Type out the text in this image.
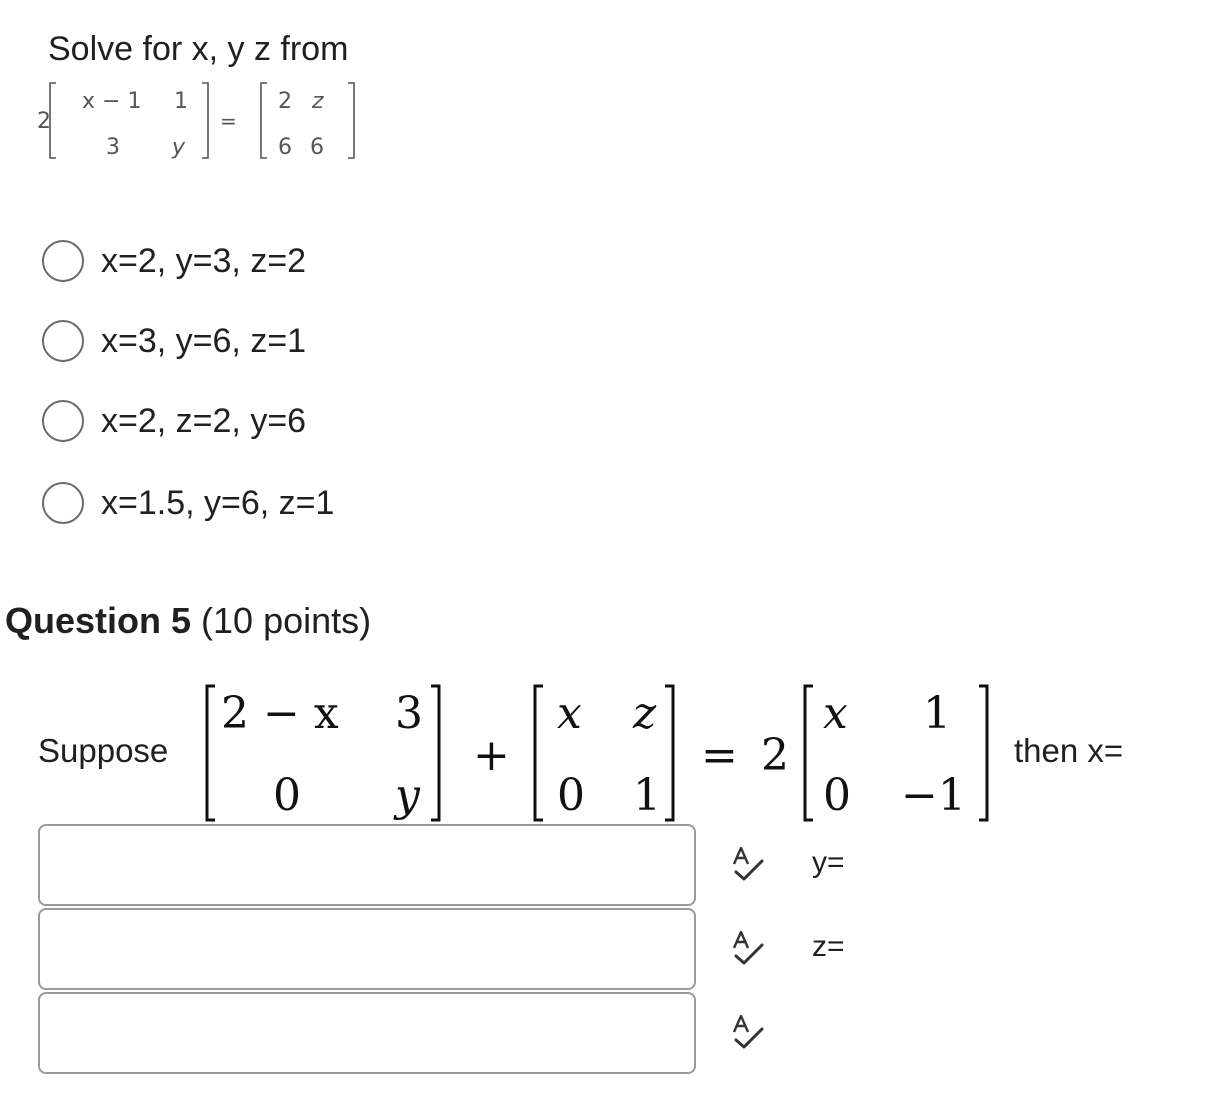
Solve for x, y z from
2
x − 1 1
3 y
=
2 z
6 6
x=2, y=3, z=2
x=3, y=6, z=1
x=2, z=2, y=6
x=1.5, y=6, z=1
Question 5 (10 points)
Suppose
2 − x 3
0 y
+
x z
0 1
= 2
x 1
0 −1
then x=
y=
z=
